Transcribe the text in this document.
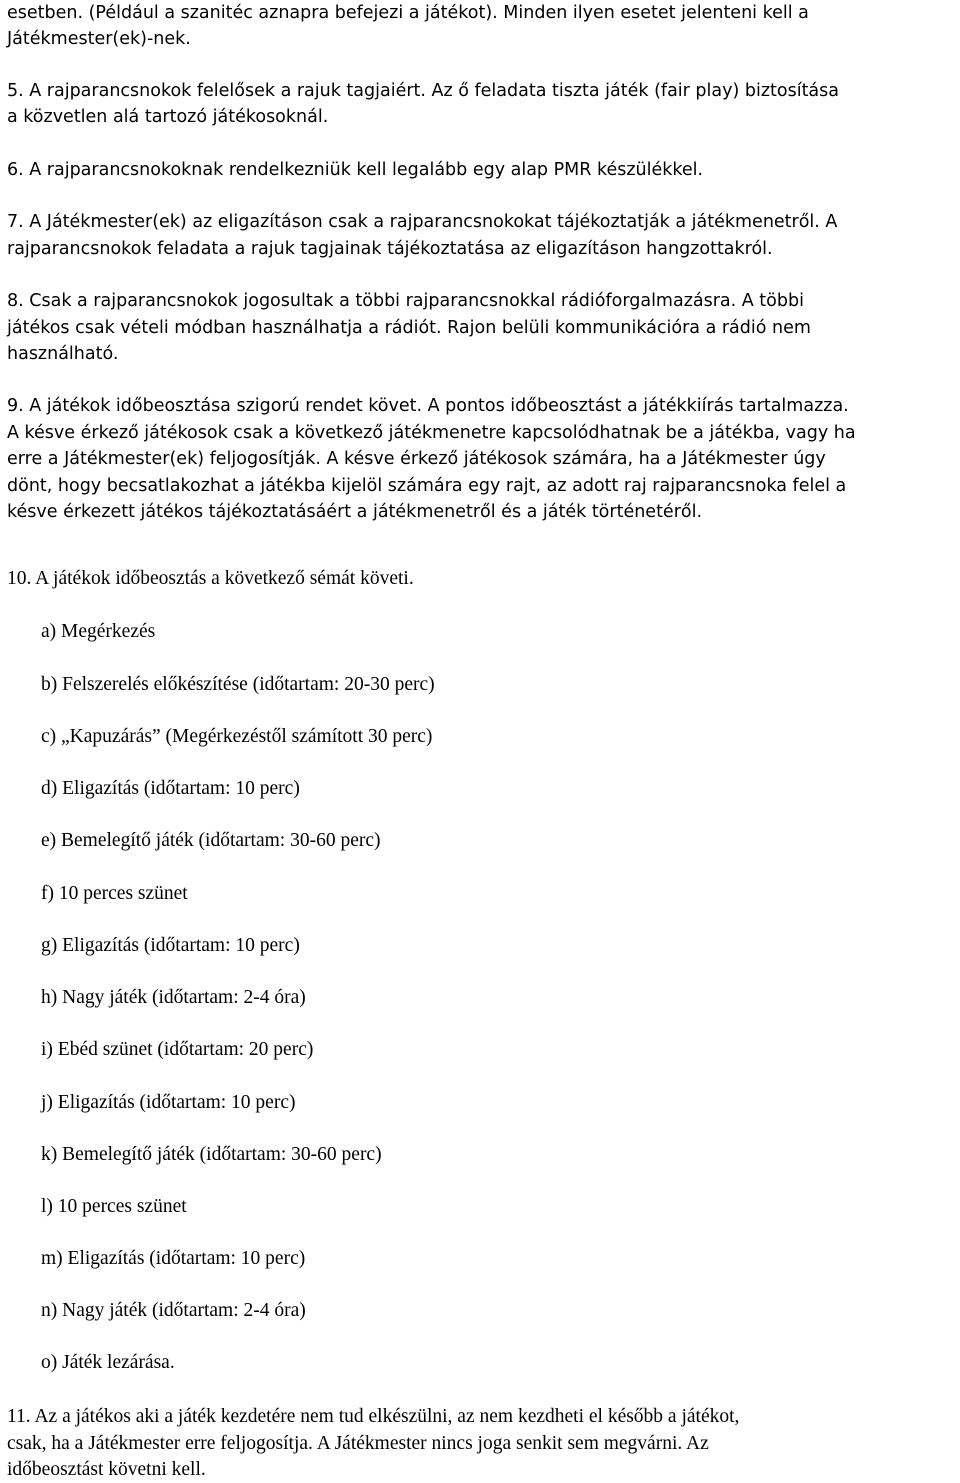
esetben. (Például a szanitéc aznapra befejezi a játékot). Minden ilyen esetet jelenteni kell a
Játékmester(ek)-nek.
5. A rajparancsnokok felelősek a rajuk tagjaiért. Az ő feladata tiszta játék (fair play) biztosítása
a közvetlen alá tartozó játékosoknál.
6. A rajparancsnokoknak rendelkezniük kell legalább egy alap PMR készülékkel.
7. A Játékmester(ek) az eligazításon csak a rajparancsnokokat tájékoztatják a játékmenetről. A
rajparancsnokok feladata a rajuk tagjainak tájékoztatása az eligazításon hangzottakról.
8. Csak a rajparancsnokok jogosultak a többi rajparancsnokkal rádióforgalmazásra. A többi
játékos csak vételi módban használhatja a rádiót. Rajon belüli kommunikációra a rádió nem
használható.
9. A játékok időbeosztása szigorú rendet követ. A pontos időbeosztást a játékkiírás tartalmazza.
A késve érkező játékosok csak a következő játékmenetre kapcsolódhatnak be a játékba, vagy ha
erre a Játékmester(ek) feljogosítják. A késve érkező játékosok számára, ha a Játékmester úgy
dönt, hogy becsatlakozhat a játékba kijelöl számára egy rajt, az adott raj rajparancsnoka felel a
késve érkezett játékos tájékoztatásáért a játékmenetről és a játék történetéről.
10. A játékok időbeosztás a következő sémát követi.
a) Megérkezés
b) Felszerelés előkészítése (időtartam: 20-30 perc)
c) „Kapuzárás” (Megérkezéstől számított 30 perc)
d) Eligazítás (időtartam: 10 perc)
e) Bemelegítő játék (időtartam: 30-60 perc)
f) 10 perces szünet
g) Eligazítás (időtartam: 10 perc)
h) Nagy játék (időtartam: 2-4 óra)
i) Ebéd szünet (időtartam: 20 perc)
j) Eligazítás (időtartam: 10 perc)
k) Bemelegítő játék (időtartam: 30-60 perc)
l) 10 perces szünet
m) Eligazítás (időtartam: 10 perc)
n) Nagy játék (időtartam: 2-4 óra)
o) Játék lezárása.
11. Az a játékos aki a játék kezdetére nem tud elkészülni, az nem kezdheti el később a játékot,
csak, ha a Játékmester erre feljogosítja. A Játékmester nincs joga senkit sem megvárni. Az
időbeosztást követni kell.
